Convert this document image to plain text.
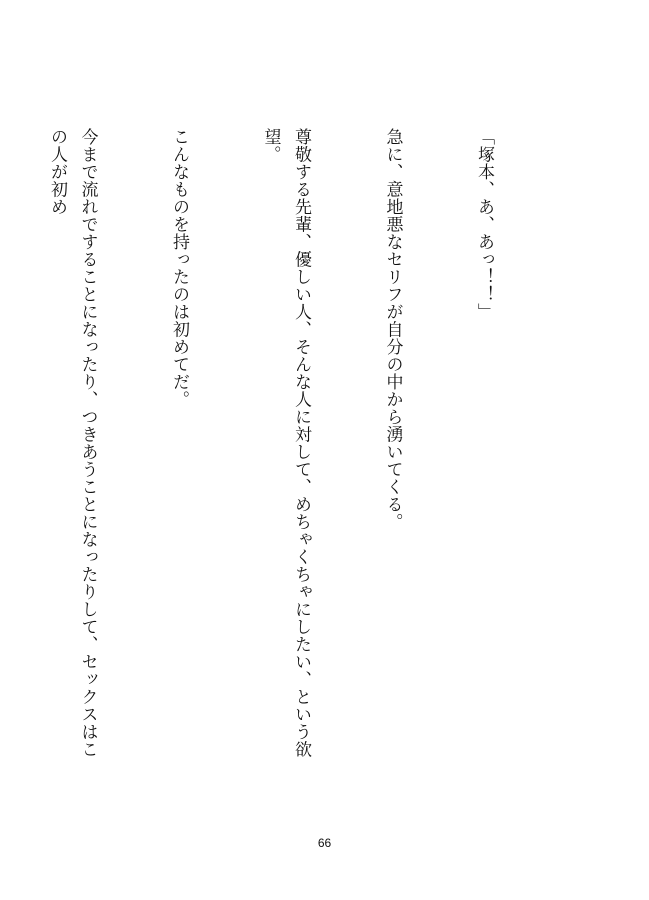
「塚本、あ、あっ！！」

急に、意地悪なセリフが自分の中から湧いてくる。

尊敬する先輩、優しい人、そんな人に対して、めちゃくちゃにしたい、という欲望。

こんなものを持ったのは初めてだ。

今まで流れですることになったり、つきあうことになったりして、セックスはこの人が初め

66
